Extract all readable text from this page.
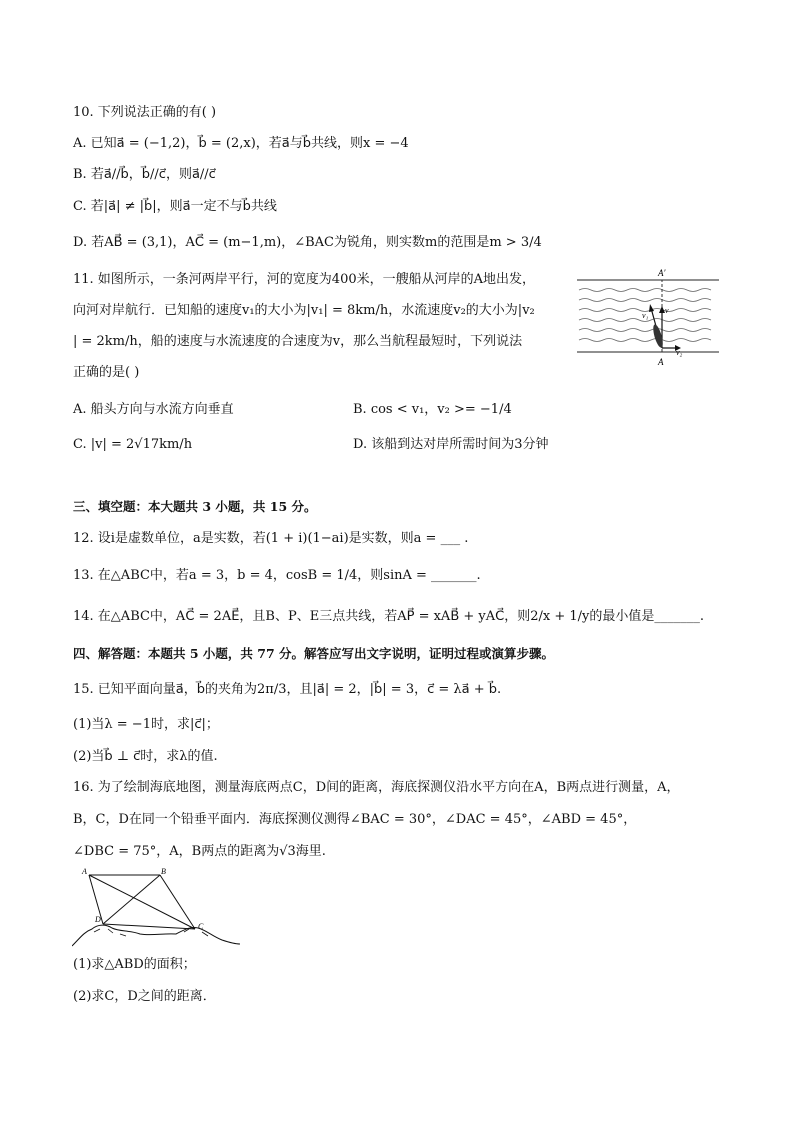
10. 下列说法正确的有( )
A. 已知a⃗ = (−1,2)，b⃗ = (2,x)，若a⃗与b⃗共线，则x = −4
B. 若a⃗//b⃗，b⃗//c⃗，则a⃗//c⃗
C. 若|a⃗| ≠ |b⃗|，则a⃗一定不与b⃗共线
D. 若AB⃗ = (3,1)，AC⃗ = (m−1,m)，∠BAC为锐角，则实数m的范围是m > 3/4
11. 如图所示，一条河两岸平行，河的宽度为400米，一艘船从河岸的A地出发，
向河对岸航行．已知船的速度v₁的大小为|v₁| = 8km/h，水流速度v₂的大小为|v₂
| = 2km/h，船的速度与水流速度的合速度为v，那么当航程最短时，下列说法
正确的是( )
A. 船头方向与水流方向垂直	B. cos < v₁，v₂ >= −1/4
C. |v| = 2√17km/h	D. 该船到达对岸所需时间为3分钟
A′
A
v₁
v
v₂
三、填空题：本大题共 3 小题，共 15 分。
12. 设i是虚数单位，a是实数，若(1 + i)(1−ai)是实数，则a = ___ .
13. 在△ABC中，若a = 3，b = 4，cosB = 1/4，则sinA = _______.
14. 在△ABC中，AC⃗ = 2AE⃗，且B、P、E三点共线，若AP⃗ = xAB⃗ + yAC⃗，则2/x + 1/y的最小值是_______.
四、解答题：本题共 5 小题，共 77 分。解答应写出文字说明，证明过程或演算步骤。
15. 已知平面向量a⃗，b⃗的夹角为2π/3，且|a⃗| = 2，|b⃗| = 3，c⃗ = λa⃗ + b⃗.
(1)当λ = −1时，求|c⃗|；
(2)当b⃗ ⊥ c⃗时，求λ的值.
16. 为了绘制海底地图，测量海底两点C，D间的距离，海底探测仪沿水平方向在A，B两点进行测量，A，
B，C，D在同一个铅垂平面内．海底探测仪测得∠BAC = 30°，∠DAC = 45°，∠ABD = 45°，
∠DBC = 75°，A，B两点的距离为√3海里.
A	B
D
C
(1)求△ABD的面积；
(2)求C，D之间的距离．
